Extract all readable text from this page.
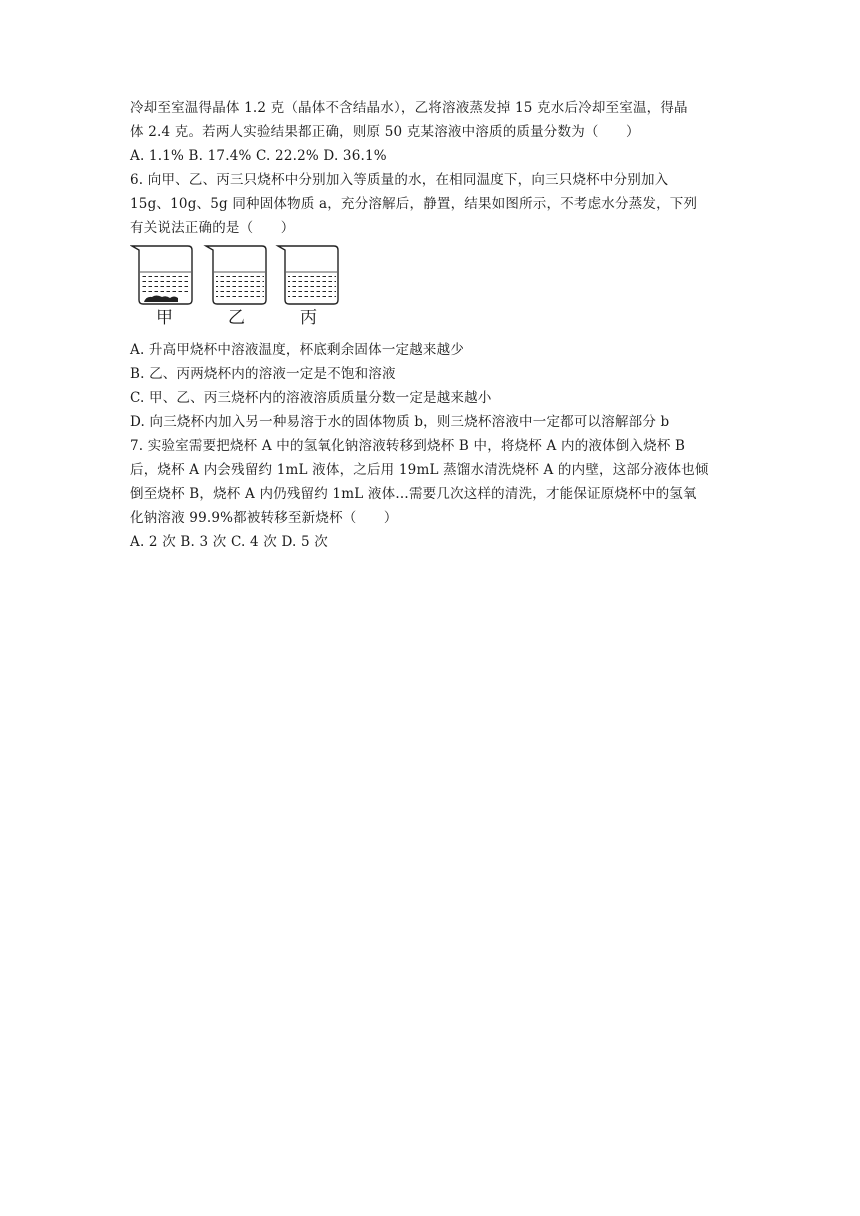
冷却至室温得晶体 1.2 克（晶体不含结晶水），乙将溶液蒸发掉 15 克水后冷却至室温，得晶
体 2.4 克。若两人实验结果都正确，则原 50 克某溶液中溶质的质量分数为（　　）
A. 1.1% B. 17.4% C. 22.2% D. 36.1%
6. 向甲、乙、丙三只烧杯中分别加入等质量的水，在相同温度下，向三只烧杯中分别加入
15g、10g、5g 同种固体物质 a，充分溶解后，静置，结果如图所示，不考虑水分蒸发，下列
有关说法正确的是（　　）
甲	乙	丙
A. 升高甲烧杯中溶液温度，杯底剩余固体一定越来越少
B. 乙、丙两烧杯内的溶液一定是不饱和溶液
C. 甲、乙、丙三烧杯内的溶液溶质质量分数一定是越来越小
D. 向三烧杯内加入另一种易溶于水的固体物质 b，则三烧杯溶液中一定都可以溶解部分 b
7. 实验室需要把烧杯 A 中的氢氧化钠溶液转移到烧杯 B 中，将烧杯 A 内的液体倒入烧杯 B
后，烧杯 A 内会残留约 1mL 液体，之后用 19mL 蒸馏水清洗烧杯 A 的内壁，这部分液体也倾
倒至烧杯 B，烧杯 A 内仍残留约 1mL 液体…需要几次这样的清洗，才能保证原烧杯中的氢氧
化钠溶液 99.9%都被转移至新烧杯（　　）
A. 2 次 B. 3 次 C. 4 次 D. 5 次
